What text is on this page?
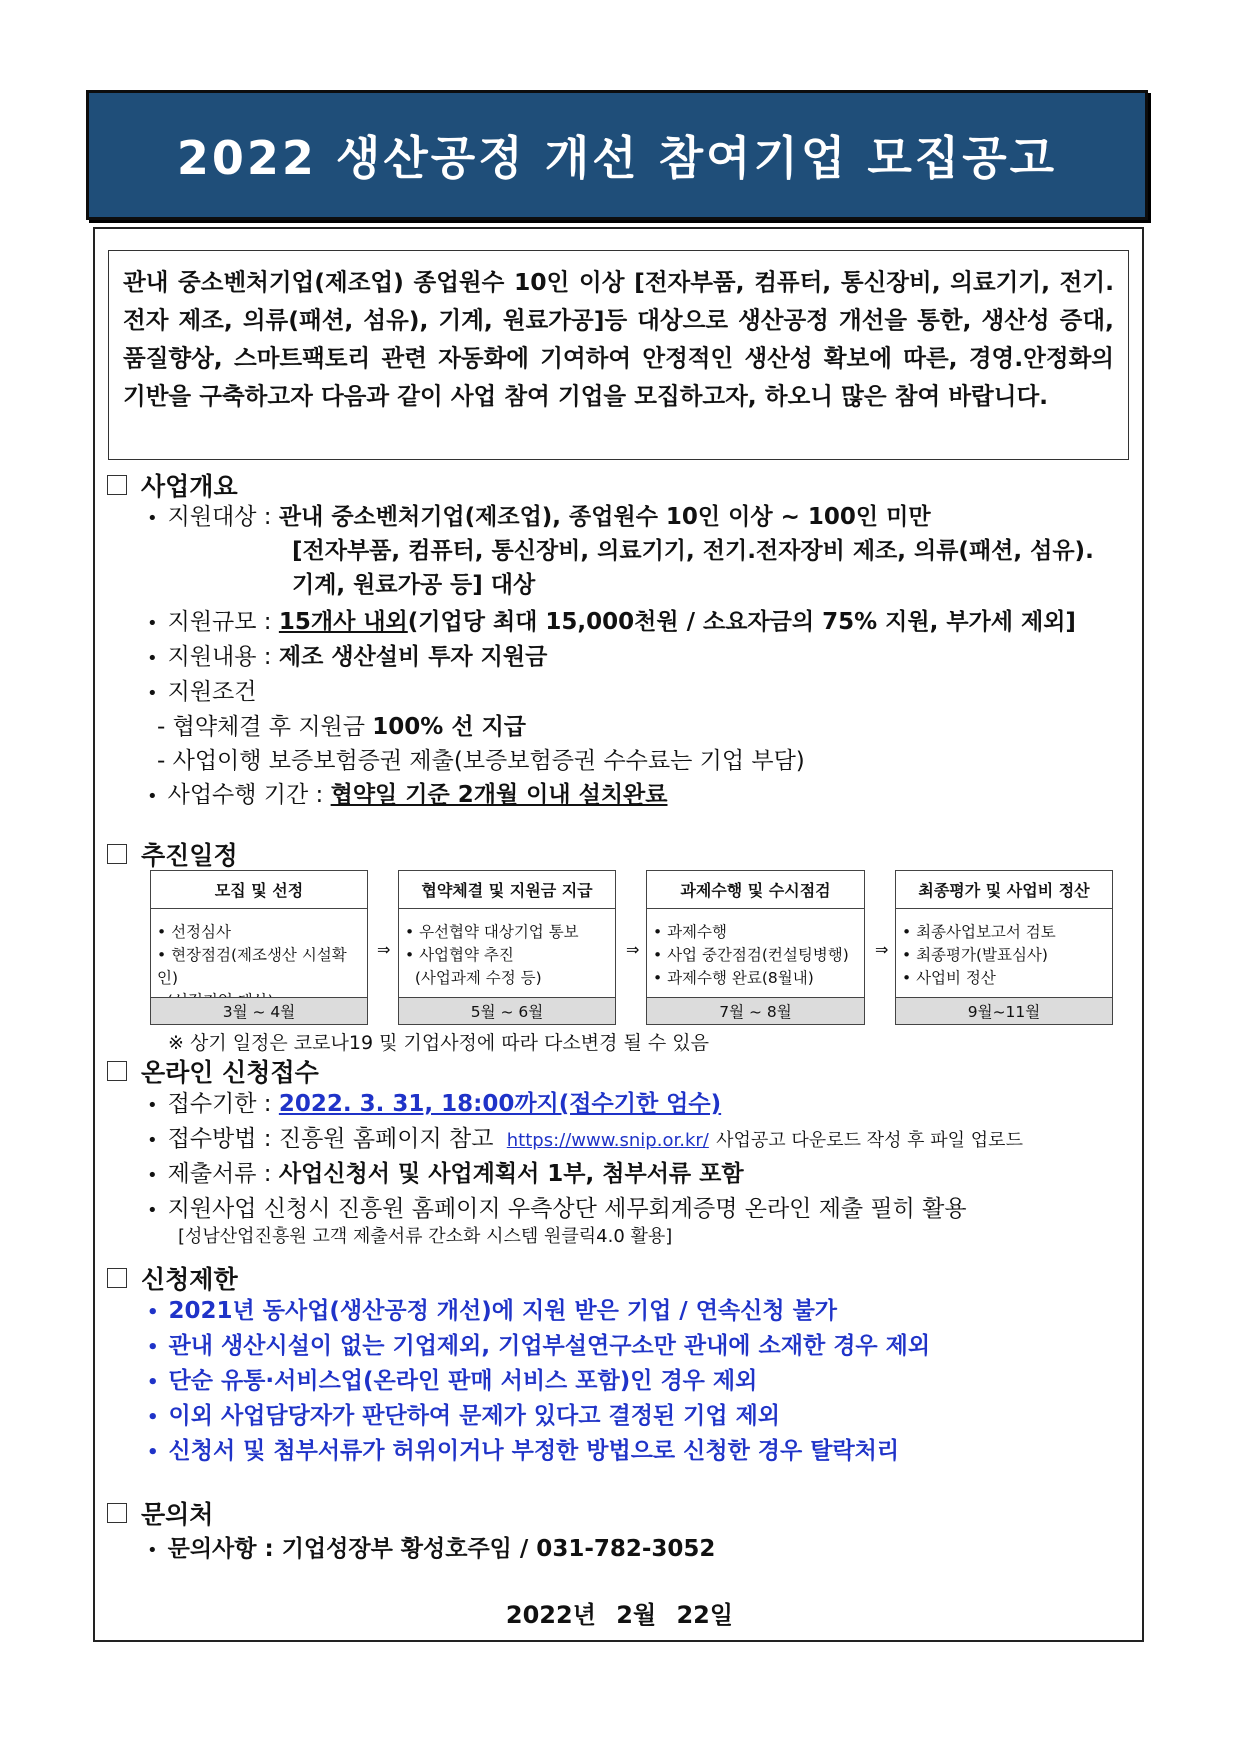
2022 생산공정 개선 참여기업 모집공고
관내 중소벤처기업(제조업) 종업원수 10인 이상 [전자부품, 컴퓨터, 통신장비, 의료기기, 전기.전자 제조, 의류(패션, 섬유), 기계, 원료가공]등 대상으로 생산공정 개선을 통한, 생산성 증대, 품질향상, 스마트팩토리 관련 자동화에 기여하여 안정적인 생산성 확보에 따른, 경영.안정화의 기반을 구축하고자 다음과 같이 사업 참여 기업을 모집하고자, 하오니 많은 참여 바랍니다.
사업개요
• 지원대상 : 관내 중소벤처기업(제조업), 종업원수 10인 이상 ~ 100인 미만
[전자부품, 컴퓨터, 통신장비, 의료기기, 전기.전자장비 제조, 의류(패션, 섬유).
기계, 원료가공 등] 대상
• 지원규모 : 15개사 내외(기업당 최대 15,000천원 / 소요자금의 75% 지원, 부가세 제외]
• 지원내용 : 제조 생산설비 투자 지원금
• 지원조건
- 협약체결 후 지원금 100% 선 지급
- 사업이행 보증보험증권 제출(보증보험증권 수수료는 기업 부담)
• 사업수행 기간 : 협약일 기준 2개월 이내 설치완료
추진일정
모집 및 선정
• 선정심사
• 현장점검(제조생산 시설확인)
3월 ~ 4월
⇒
협약체결 및 지원금 지급
• 우선협약 대상기업 통보
• 사업협약 추진
(사업과제 수정 등)
5월 ~ 6월
⇒
과제수행 및 수시점검
• 과제수행
• 사업 중간점검(컨설팅병행)
• 과제수행 완료(8월내)
7월 ~ 8월
⇒
최종평가 및 사업비 정산
• 최종사업보고서 검토
• 최종평가(발표심사)
• 사업비 정산
9월~11월
※ 상기 일정은 코로나19 및 기업사정에 따라 다소변경 될 수 있음
온라인 신청접수
• 접수기한 : 2022. 3. 31, 18:00까지(접수기한 엄수)
• 접수방법 : 진흥원 홈페이지 참고 https://www.snip.or.kr/ 사업공고 다운로드 작성 후 파일 업로드
• 제출서류 : 사업신청서 및 사업계획서 1부, 첨부서류 포함
• 지원사업 신청시 진흥원 홈페이지 우측상단 세무회계증명 온라인 제출 필히 활용
[성남산업진흥원 고객 제출서류 간소화 시스템 원클릭4.0 활용]
신청제한
• 2021년 동사업(생산공정 개선)에 지원 받은 기업 / 연속신청 불가
• 관내 생산시설이 없는 기업제외, 기업부설연구소만 관내에 소재한 경우 제외
• 단순 유통·서비스업(온라인 판매 서비스 포함)인 경우 제외
• 이외 사업담당자가 판단하여 문제가 있다고 결정된 기업 제외
• 신청서 및 첨부서류가 허위이거나 부정한 방법으로 신청한 경우 탈락처리
문의처
• 문의사항 : 기업성장부 황성호주임 / 031-782-3052
2022년 2월 22일
